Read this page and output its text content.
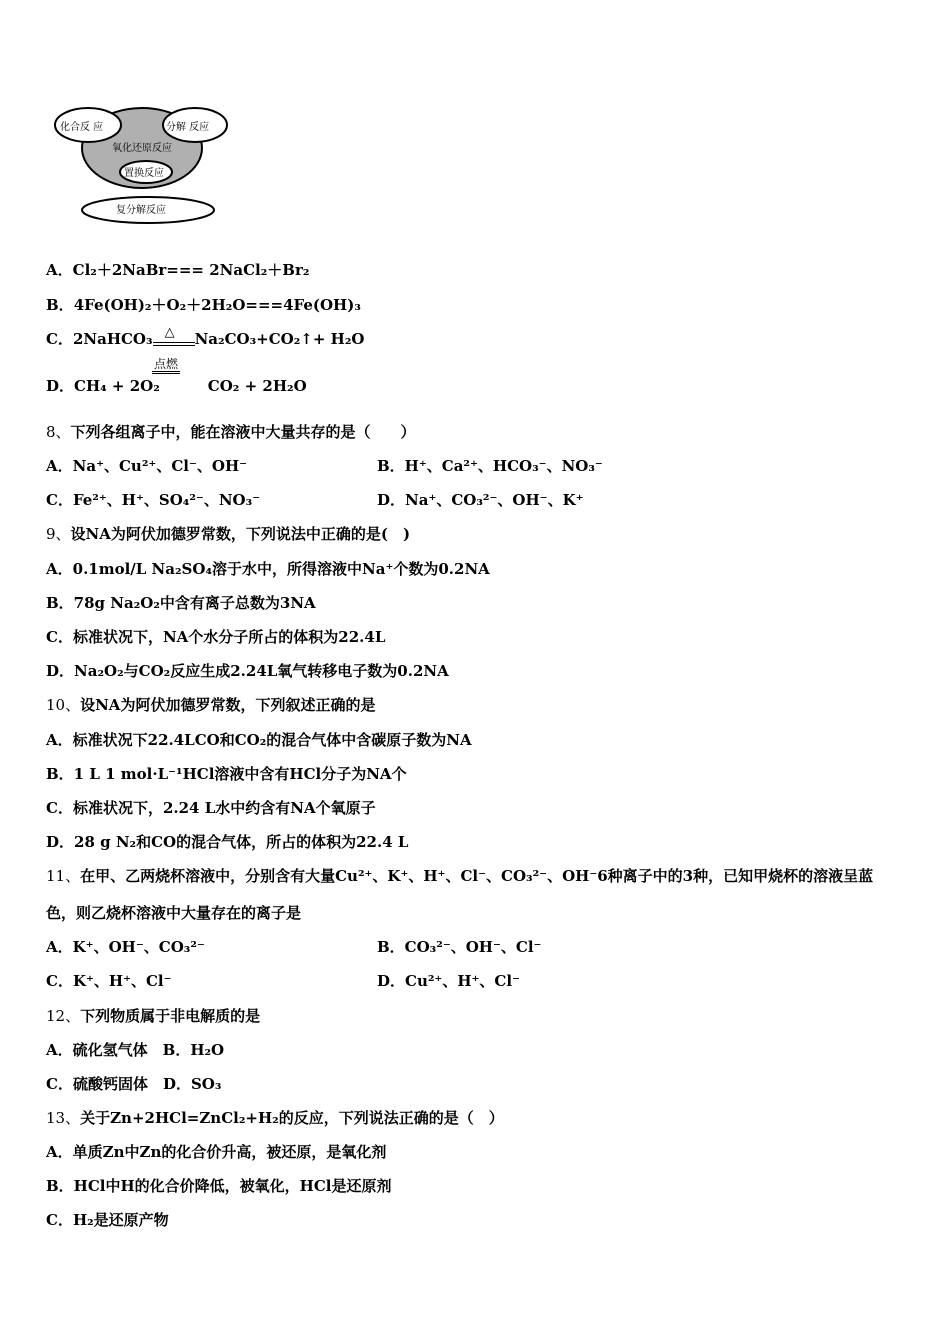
化合反 应	分解 反应
氧化还原反应
置换反应
复分解反应
A．Cl₂＋2NaBr=== 2NaCl₂＋Br₂
B．4Fe(OH)₂＋O₂＋2H₂O===4Fe(OH)₃
C．2NaHCO₃ △ Na₂CO₃+CO₂↑+ H₂O
点燃
D．CH₄ + 2O₂	CO₂ + 2H₂O
8、下列各组离子中，能在溶液中大量共存的是（　　）
A．Na⁺、Cu²⁺、Cl⁻、OH⁻	B．H⁺、Ca²⁺、HCO₃⁻、NO₃⁻
C．Fe²⁺、H⁺、SO₄²⁻、NO₃⁻	D．Na⁺、CO₃²⁻、OH⁻、K⁺
9、设NA为阿伏加德罗常数，下列说法中正确的是(　)
A．0.1mol/L Na₂SO₄溶于水中，所得溶液中Na⁺个数为0.2NA
B．78g Na₂O₂中含有离子总数为3NA
C．标准状况下，NA个水分子所占的体积为22.4L
D．Na₂O₂与CO₂反应生成2.24L氧气转移电子数为0.2NA
10、设NA为阿伏加德罗常数，下列叙述正确的是
A．标准状况下22.4LCO和CO₂的混合气体中含碳原子数为NA
B．1 L 1 mol·L⁻¹HCl溶液中含有HCl分子为NA个
C．标准状况下，2.24 L水中约含有NA个氧原子
D．28 g N₂和CO的混合气体，所占的体积为22.4 L
11、在甲、乙两烧杯溶液中，分别含有大量Cu²⁺、K⁺、H⁺、Cl⁻、CO₃²⁻、OH⁻6种离子中的3种，已知甲烧杯的溶液呈蓝
色，则乙烧杯溶液中大量存在的离子是
A．K⁺、OH⁻、CO₃²⁻	B．CO₃²⁻、OH⁻、Cl⁻
C．K⁺、H⁺、Cl⁻	D．Cu²⁺、H⁺、Cl⁻
12、下列物质属于非电解质的是
A．硫化氢气体　B．H₂O
C．硫酸钙固体　D．SO₃
13、关于Zn+2HCl=ZnCl₂+H₂的反应，下列说法正确的是（　）
A．单质Zn中Zn的化合价升高，被还原，是氧化剂
B．HCl中H的化合价降低，被氧化，HCl是还原剂
C．H₂是还原产物
